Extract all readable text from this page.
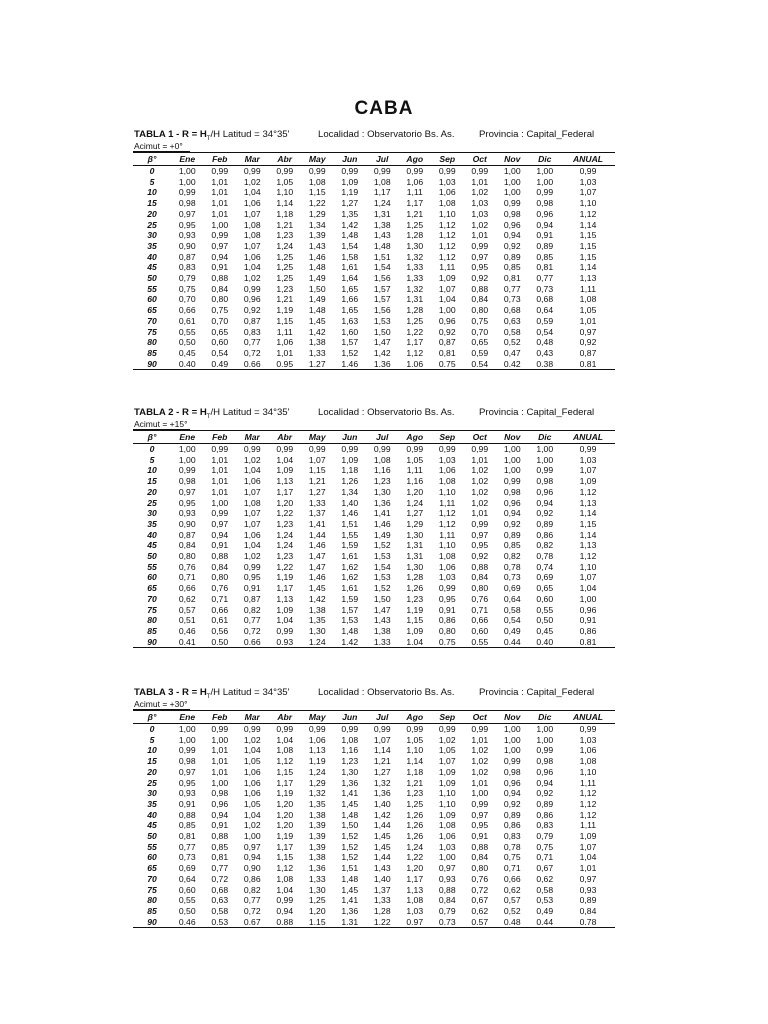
CABA
TABLA $1 - R = H_T/H$ Latitud = 34°35'	Localidad : Observatorio Bs. As.	Provincia : Capital_Federal
Acimut = +0°
β°	Ene	Feb	Mar	Abr	May	Jun	Jul	Ago	Sep	Oct	Nov	Dic	ANUAL
0	1,00	0,99	0,99	0,99	0,99	0,99	0,99	0,99	0,99	0,99	1,00	1,00	0,99
5	1,00	1,01	1,02	1,05	1,08	1,09	1,08	1,06	1,03	1,01	1,00	1,00	1,03
10	0,99	1,01	1,04	1,10	1,15	1,19	1,17	1,11	1,06	1,02	1,00	0,99	1,07
15	0,98	1,01	1,06	1,14	1,22	1,27	1,24	1,17	1,08	1,03	0,99	0,98	1,10
20	0,97	1,01	1,07	1,18	1,29	1,35	1,31	1,21	1,10	1,03	0,98	0,96	1,12
25	0,95	1,00	1,08	1,21	1,34	1,42	1,38	1,25	1,12	1,02	0,96	0,94	1,14
30	0,93	0,99	1,08	1,23	1,39	1,48	1,43	1,28	1,12	1,01	0,94	0,91	1,15
35	0,90	0,97	1,07	1,24	1,43	1,54	1,48	1,30	1,12	0,99	0,92	0,89	1,15
40	0,87	0,94	1,06	1,25	1,46	1,58	1,51	1,32	1,12	0,97	0,89	0,85	1,15
45	0,83	0,91	1,04	1,25	1,48	1,61	1,54	1,33	1,11	0,95	0,85	0,81	1,14
50	0,79	0,88	1,02	1,25	1,49	1,64	1,56	1,33	1,09	0,92	0,81	0,77	1,13
55	0,75	0,84	0,99	1,23	1,50	1,65	1,57	1,32	1,07	0,88	0,77	0,73	1,11
60	0,70	0,80	0,96	1,21	1,49	1,66	1,57	1,31	1,04	0,84	0,73	0,68	1,08
65	0,66	0,75	0,92	1,19	1,48	1,65	1,56	1,28	1,00	0,80	0,68	0,64	1,05
70	0,61	0,70	0,87	1,15	1,45	1,63	1,53	1,25	0,96	0,75	0,63	0,59	1,01
75	0,55	0,65	0,83	1,11	1,42	1,60	1,50	1,22	0,92	0,70	0,58	0,54	0,97
80	0,50	0,60	0,77	1,06	1,38	1,57	1,47	1,17	0,87	0,65	0,52	0,48	0,92
85	0,45	0,54	0,72	1,01	1,33	1,52	1,42	1,12	0,81	0,59	0,47	0,43	0,87
90	0.40	0.49	0.66	0.95	1.27	1.46	1.36	1.06	0.75	0.54	0.42	0.38	0.81
TABLA $2 - R = H_T/H$ Latitud = 34°35'	Localidad : Observatorio Bs. As.	Provincia : Capital_Federal
Acimut = +15°
β°	Ene	Feb	Mar	Abr	May	Jun	Jul	Ago	Sep	Oct	Nov	Dic	ANUAL
0	1,00	0,99	0,99	0,99	0,99	0,99	0,99	0,99	0,99	0,99	1,00	1,00	0,99
5	1,00	1,01	1,02	1,04	1,07	1,09	1,08	1,05	1,03	1,01	1,00	1,00	1,03
10	0,99	1,01	1,04	1,09	1,15	1,18	1,16	1,11	1,06	1,02	1,00	0,99	1,07
15	0,98	1,01	1,06	1,13	1,21	1,26	1,23	1,16	1,08	1,02	0,99	0,98	1,09
20	0,97	1,01	1,07	1,17	1,27	1,34	1,30	1,20	1,10	1,02	0,98	0,96	1,12
25	0,95	1,00	1,08	1,20	1,33	1,40	1,36	1,24	1,11	1,02	0,96	0,94	1,13
30	0,93	0,99	1,07	1,22	1,37	1,46	1,41	1,27	1,12	1,01	0,94	0,92	1,14
35	0,90	0,97	1,07	1,23	1,41	1,51	1,46	1,29	1,12	0,99	0,92	0,89	1,15
40	0,87	0,94	1,06	1,24	1,44	1,55	1,49	1,30	1,11	0,97	0,89	0,86	1,14
45	0,84	0,91	1,04	1,24	1,46	1,59	1,52	1,31	1,10	0,95	0,85	0,82	1,13
50	0,80	0,88	1,02	1,23	1,47	1,61	1,53	1,31	1,08	0,92	0,82	0,78	1,12
55	0,76	0,84	0,99	1,22	1,47	1,62	1,54	1,30	1,06	0,88	0,78	0,74	1,10
60	0,71	0,80	0,95	1,19	1,46	1,62	1,53	1,28	1,03	0,84	0,73	0,69	1,07
65	0,66	0,76	0,91	1,17	1,45	1,61	1,52	1,26	0,99	0,80	0,69	0,65	1,04
70	0,62	0,71	0,87	1,13	1,42	1,59	1,50	1,23	0,95	0,76	0,64	0,60	1,00
75	0,57	0,66	0,82	1,09	1,38	1,57	1,47	1,19	0,91	0,71	0,58	0,55	0,96
80	0,51	0,61	0,77	1,04	1,35	1,53	1,43	1,15	0,86	0,66	0,54	0,50	0,91
85	0,46	0,56	0,72	0,99	1,30	1,48	1,38	1,09	0,80	0,60	0,49	0,45	0,86
90	0.41	0.50	0.66	0.93	1.24	1.42	1.33	1.04	0.75	0.55	0.44	0.40	0.81
TABLA $3 - R = H_T/H$ Latitud = 34°35'	Localidad : Observatorio Bs. As.	Provincia : Capital_Federal
Acimut = +30°
β°	Ene	Feb	Mar	Abr	May	Jun	Jul	Ago	Sep	Oct	Nov	Dic	ANUAL
0	1,00	0,99	0,99	0,99	0,99	0,99	0,99	0,99	0,99	0,99	1,00	1,00	0,99
5	1,00	1,00	1,02	1,04	1,06	1,08	1,07	1,05	1,02	1,01	1,00	1,00	1,03
10	0,99	1,01	1,04	1,08	1,13	1,16	1,14	1,10	1,05	1,02	1,00	0,99	1,06
15	0,98	1,01	1,05	1,12	1,19	1,23	1,21	1,14	1,07	1,02	0,99	0,98	1,08
20	0,97	1,01	1,06	1,15	1,24	1,30	1,27	1,18	1,09	1,02	0,98	0,96	1,10
25	0,95	1,00	1,06	1,17	1,29	1,36	1,32	1,21	1,09	1,01	0,96	0,94	1,11
30	0,93	0,98	1,06	1,19	1,32	1,41	1,36	1,23	1,10	1,00	0,94	0,92	1,12
35	0,91	0,96	1,05	1,20	1,35	1,45	1,40	1,25	1,10	0,99	0,92	0,89	1,12
40	0,88	0,94	1,04	1,20	1,38	1,48	1,42	1,26	1,09	0,97	0,89	0,86	1,12
45	0,85	0,91	1,02	1,20	1,39	1,50	1,44	1,26	1,08	0,95	0,86	0,83	1,11
50	0,81	0,88	1,00	1,19	1,39	1,52	1,45	1,26	1,06	0,91	0,83	0,79	1,09
55	0,77	0,85	0,97	1,17	1,39	1,52	1,45	1,24	1,03	0,88	0,78	0,75	1,07
60	0,73	0,81	0,94	1,15	1,38	1,52	1,44	1,22	1,00	0,84	0,75	0,71	1,04
65	0,69	0,77	0,90	1,12	1,36	1,51	1,43	1,20	0,97	0,80	0,71	0,67	1,01
70	0,64	0,72	0,86	1,08	1,33	1,48	1,40	1,17	0,93	0,76	0,66	0,62	0,97
75	0,60	0,68	0,82	1,04	1,30	1,45	1,37	1,13	0,88	0,72	0,62	0,58	0,93
80	0,55	0,63	0,77	0,99	1,25	1,41	1,33	1,08	0,84	0,67	0,57	0,53	0,89
85	0,50	0,58	0,72	0,94	1,20	1,36	1,28	1,03	0,79	0,62	0,52	0,49	0,84
90	0.46	0.53	0.67	0.88	1.15	1.31	1.22	0.97	0.73	0.57	0.48	0.44	0.78
